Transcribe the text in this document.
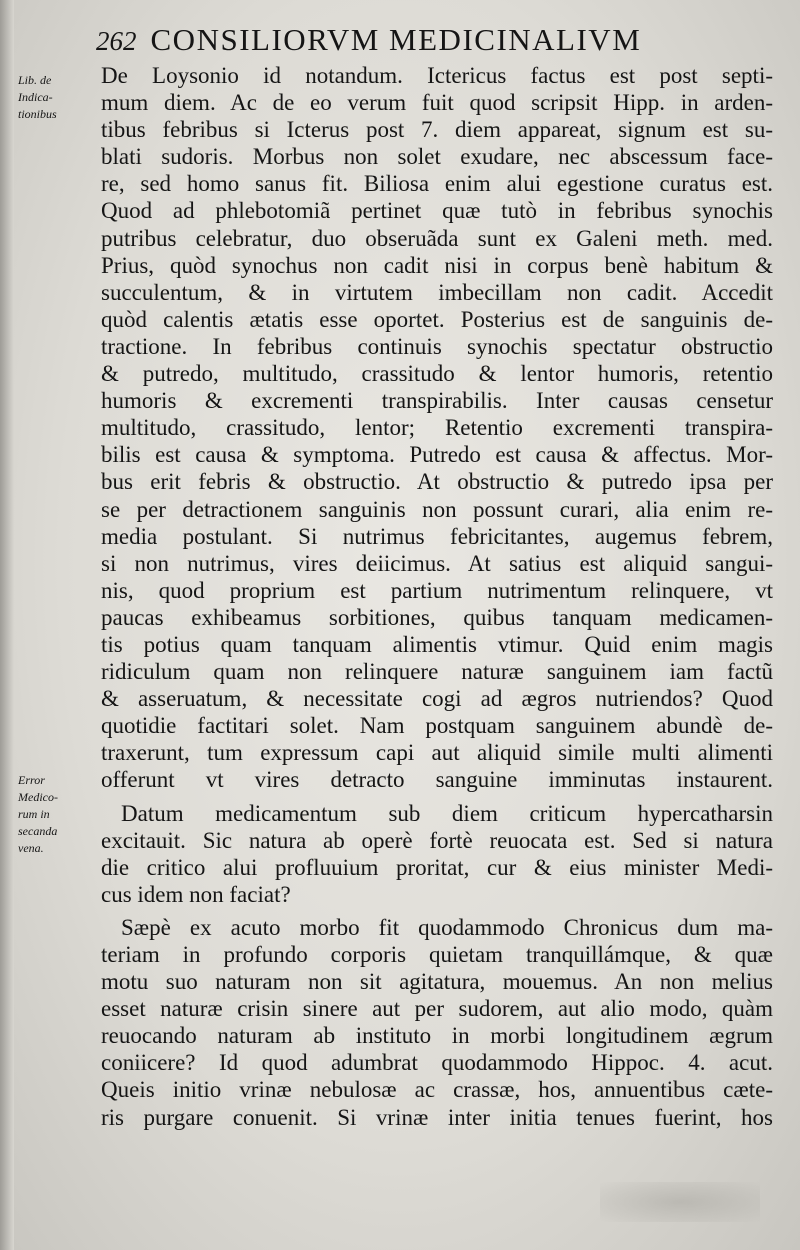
262 CONSILIORVM MEDICINALIVM
Lib. de
Indica-
tionibus
Error
Medico-
rum in
secanda
vena.
De Loysonio id notandum. Ictericus factus est post septi-
mum diem. Ac de eo verum fuit quod scripsit Hipp. in arden-
tibus febribus si Icterus post 7. diem appareat, signum est su-
blati sudoris. Morbus non solet exudare, nec abscessum face-
re, sed homo sanus fit. Biliosa enim alui egestione curatus est.
Quod ad phlebotomiã pertinet quæ tutò in febribus synochis
putribus celebratur, duo obseruãda sunt ex Galeni meth. med.
Prius, quòd synochus non cadit nisi in corpus benè habitum &
succulentum, & in virtutem imbecillam non cadit. Accedit
quòd calentis ætatis esse oportet. Posterius est de sanguinis de-
tractione. In febribus continuis synochis spectatur obstructio
& putredo, multitudo, crassitudo & lentor humoris, retentio
humoris & excrementi transpirabilis. Inter causas censetur
multitudo, crassitudo, lentor; Retentio excrementi transpira-
bilis est causa & symptoma. Putredo est causa & affectus. Mor-
bus erit febris & obstructio. At obstructio & putredo ipsa per
se per detractionem sanguinis non possunt curari, alia enim re-
media postulant. Si nutrimus febricitantes, augemus febrem,
si non nutrimus, vires deiicimus. At satius est aliquid sangui-
nis, quod proprium est partium nutrimentum relinquere, vt
paucas exhibeamus sorbitiones, quibus tanquam medicamen-
tis potius quam tanquam alimentis vtimur. Quid enim magis
ridiculum quam non relinquere naturæ sanguinem iam factũ
& asseruatum, & necessitate cogi ad ægros nutriendos? Quod
quotidie factitari solet. Nam postquam sanguinem abundè de-
traxerunt, tum expressum capi aut aliquid simile multi alimenti
offerunt vt vires detracto sanguine imminutas instaurent.
Datum medicamentum sub diem criticum hypercatharsin
excitauit. Sic natura ab operè fortè reuocata est. Sed si natura
die critico alui profluuium proritat, cur & eius minister Medi-
cus idem non faciat?
Sæpè ex acuto morbo fit quodammodo Chronicus dum ma-
teriam in profundo corporis quietam tranquillámque, & quæ
motu suo naturam non sit agitatura, mouemus. An non melius
esset naturæ crisin sinere aut per sudorem, aut alio modo, quàm
reuocando naturam ab instituto in morbi longitudinem ægrum
coniicere? Id quod adumbrat quodammodo Hippoc. 4. acut.
Queis initio vrinæ nebulosæ ac crassæ, hos, annuentibus cæte-
ris purgare conuenit. Si vrinæ inter initia tenues fuerint, hos
